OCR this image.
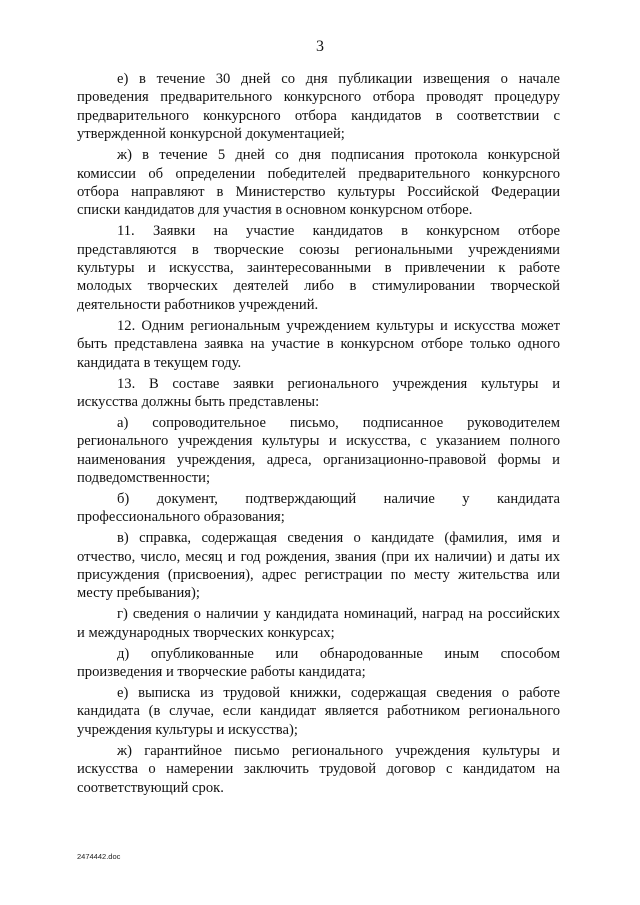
3
е) в течение 30 дней со дня публикации извещения о начале
проведения предварительного конкурсного отбора проводят процедуру
предварительного конкурсного отбора кандидатов в соответствии с
утвержденной конкурсной документацией;
ж) в течение 5 дней со дня подписания протокола конкурсной
комиссии об определении победителей предварительного конкурсного
отбора направляют в Министерство культуры Российской Федерации
списки кандидатов для участия в основном конкурсном отборе.
11. Заявки на участие кандидатов в конкурсном отборе
представляются в творческие союзы региональными учреждениями
культуры и искусства, заинтересованными в привлечении к работе
молодых творческих деятелей либо в стимулировании творческой
деятельности работников учреждений.
12. Одним региональным учреждением культуры и искусства может
быть представлена заявка на участие в конкурсном отборе только одного
кандидата в текущем году.
13. В составе заявки регионального учреждения культуры и
искусства должны быть представлены:
а) сопроводительное письмо, подписанное руководителем
регионального учреждения культуры и искусства, с указанием полного
наименования учреждения, адреса, организационно-правовой формы и
подведомственности;
б) документ, подтверждающий наличие у кандидата
профессионального образования;
в) справка, содержащая сведения о кандидате (фамилия, имя и
отчество, число, месяц и год рождения, звания (при их наличии) и даты их
присуждения (присвоения), адрес регистрации по месту жительства или
месту пребывания);
г) сведения о наличии у кандидата номинаций, наград на российских
и международных творческих конкурсах;
д) опубликованные или обнародованные иным способом
произведения и творческие работы кандидата;
е) выписка из трудовой книжки, содержащая сведения о работе
кандидата (в случае, если кандидат является работником регионального
учреждения культуры и искусства);
ж) гарантийное письмо регионального учреждения культуры и
искусства о намерении заключить трудовой договор с кандидатом на
соответствующий срок.
2474442.doc
